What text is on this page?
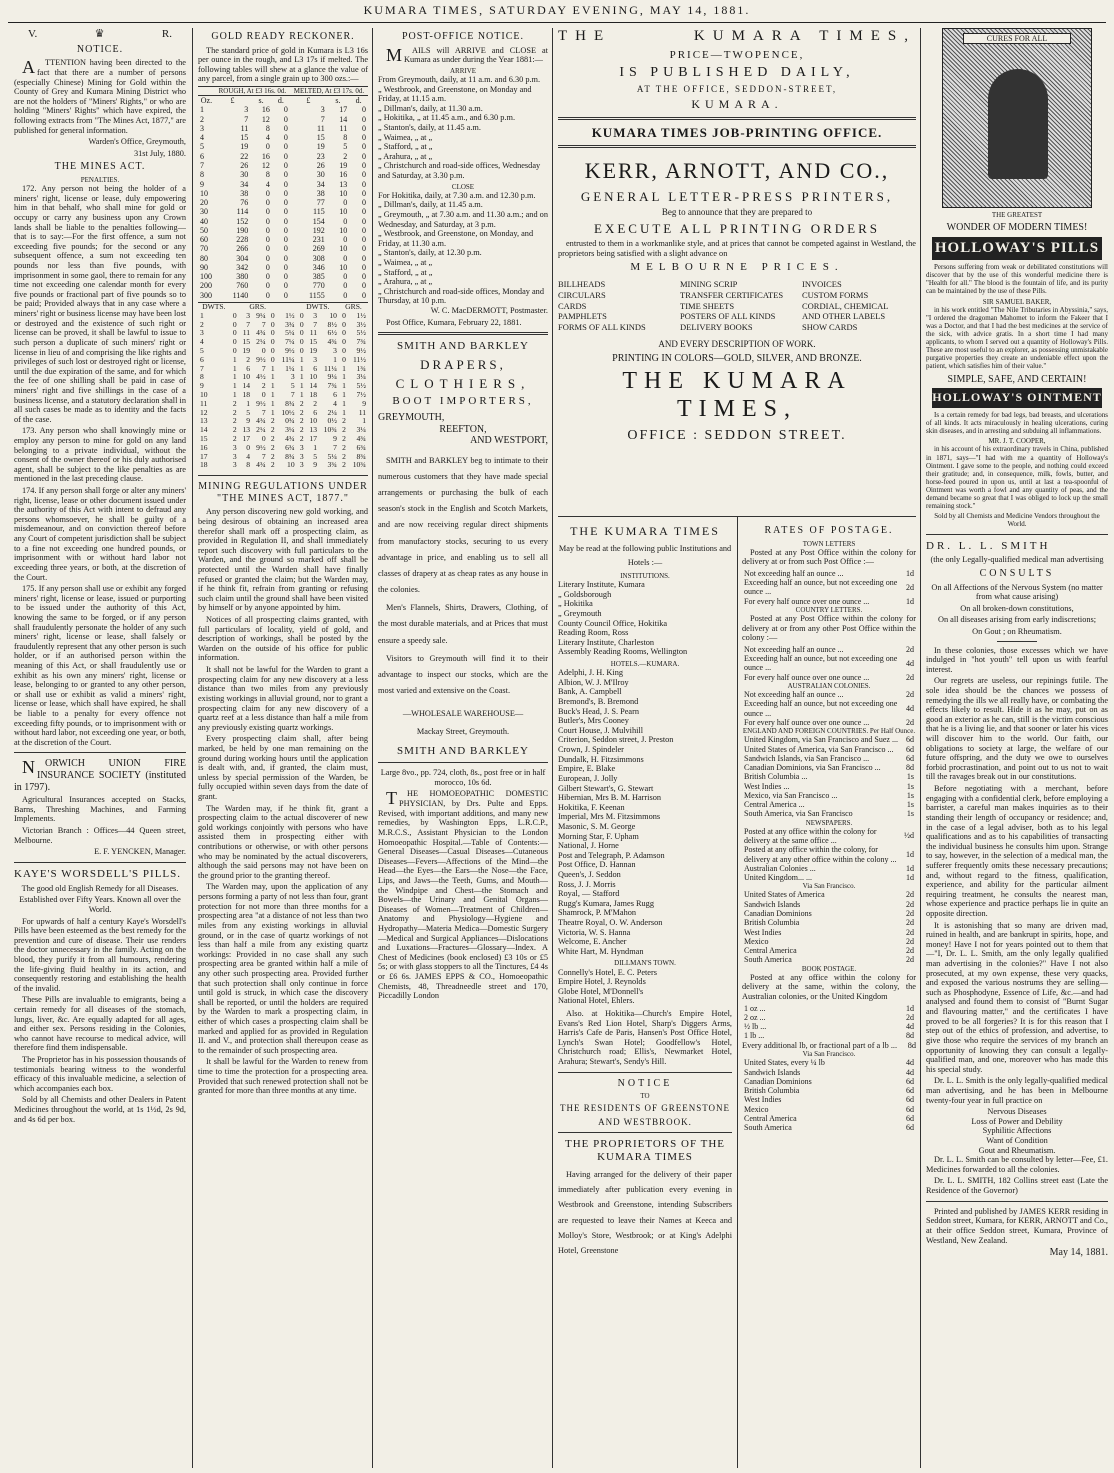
KUMARA TIMES, SATURDAY EVENING, MAY 14, 1881.
V.	♛	R.
NOTICE.

ATTENTION having been directed to the fact that there are a number of persons (especially Chinese) Mining for Gold within the County of Grey and Kumara Mining District who are not the holders of "Miners' Rights," or who are holding "Miners' Rights" which have expired, the following extracts from "The Mines Act, 1877," are published for general information.

Warden's Office, Greymouth,

31st July, 1880.

THE MINES ACT.
PENALTIES.

172. Any person not being the holder of a miners' right, license or lease, duly empowering him in that behalf, who shall mine for gold or occupy or carry any business upon any Crown lands shall be liable to the penalties following—that is to say:—For the first offence, a sum not exceeding five pounds; for the second or any subsequent offence, a sum not exceeding ten pounds nor less than five pounds, with imprisonment in some gaol, there to remain for any time not exceeding one calendar month for every five pounds or fractional part of five pounds so to be paid; Provided always that in any case where a miners' right or business license may have been lost or destroyed and the existence of such right or license can be proved, it shall be lawful to issue to such person a duplicate of such miners' right or license in lieu of and comprising the like rights and privileges of such lost or destroyed right or license, until the due expiration of the same, and for which the fee of one shilling shall be paid in case of miners' right and five shillings in the case of a business license, and a statutory declaration shall in all such cases be made as to identity and the facts of the case.

173. Any person who shall knowingly mine or employ any person to mine for gold on any land belonging to a private individual, without the consent of the owner thereof or his duly authorised agent, shall be subject to the like penalties as are mentioned in the last preceding clause.

174. If any person shall forge or alter any miners' right, license, lease or other document issued under the authority of this Act with intent to defraud any persons whomsoever, he shall be guilty of a misdemeanour, and on conviction thereof before any Court of competent jurisdiction shall be subject to a fine not exceeding one hundred pounds, or imprisonment with or without hard labor not exceeding three years, or both, at the discretion of the Court.

175. If any person shall use or exhibit any forged miners' right, license or lease, issued or purporting to be issued under the authority of this Act, knowing the same to be forged, or if any person shall fraudulently personate the holder of any such miners' right, license or lease, shall falsely or fraudulently represent that any other person is such holder, or if an authorised person within the meaning of this Act, or shall fraudulently use or exhibit as his own any miners' right, license or lease, belonging to or granted to any other person, or shall use or exhibit as valid a miners' right, license or lease, which shall have expired, he shall be liable to a penalty for every offence not exceeding fifty pounds, or to imprisonment with or without hard labor, not exceeding one year, or both, at the discretion of the Court.

NORWICH UNION FIRE INSURANCE SOCIETY (instituted in 1797).

Agricultural Insurances accepted on Stacks, Barns, Threshing Machines, and Farming Implements.

Victorian Branch : Offices—44 Queen street, Melbourne.

E. F. YENCKEN, Manager.

KAYE'S WORSDELL'S PILLS.

The good old English Remedy for all Diseases.

Established over Fifty Years. Known all over the World.

For upwards of half a century Kaye's Worsdell's Pills have been esteemed as the best remedy for the prevention and cure of disease. Their use renders the doctor unnecessary in the family. Acting on the blood, they purify it from all humours, rendering the life-giving fluid healthy in its action, and consequently restoring and establishing the health of the invalid.

These Pills are invaluable to emigrants, being a certain remedy for all diseases of the stomach, lungs, liver, &c. Are equally adapted for all ages, and either sex. Persons residing in the Colonies, who cannot have recourse to medical advice, will therefore find them indispensable.

The Proprietor has in his possession thousands of testimonials bearing witness to the wonderful efficacy of this invaluable medicine, a selection of which accompanies each box.

Sold by all Chemists and other Dealers in Patent Medicines throughout the world, at 1s 1½d, 2s 9d, and 4s 6d per box.

GOLD READY RECKONER.

The standard price of gold in Kumara is L3 16s per ounce in the rough, and L3 17s if melted. The following tables will shew at a glance the value of any parcel, from a single grain up to 300 ozs.:—

	ROUGH, At £3 16s. 0d.			MELTED, At £3 17s. 0d.		
Oz.	£	s.	d.	£	s.	d.
1	3	16	0	3	17	0
2	7	12	0	7	14	0
3	11	8	0	11	11	0
4	15	4	0	15	8	0
5	19	0	0	19	5	0
6	22	16	0	23	2	0
7	26	12	0	26	19	0
8	30	8	0	30	16	0
9	34	4	0	34	13	0
10	38	0	0	38	10	0
20	76	0	0	77	0	0
30	114	0	0	115	10	0
40	152	0	0	154	0	0
50	190	0	0	192	10	0
60	228	0	0	231	0	0
70	266	0	0	269	10	0
80	304	0	0	308	0	0
90	342	0	0	346	10	0
100	380	0	0	385	0	0
200	760	0	0	770	0	0
300	1140	0	0	1155	0	0
DWTS.		GRS.				DWTS.			GRS.	
1	0	3	9¼	0	1½	0	3	10	0	1½
2	0	7	7	0	3¾	0	7	8½	0	3½
3	0	11	4¾	0	5¼	0	11	6½	0	5½
4	0	15	2¼	0	7¼	0	15	4¾	0	7¾
5	0	19	0	0	9½	0	19	3	0	9½
6	1	2	9½	0	11¼	1	3	1	0	11½
7	1	6	7	1	1¼	1	6	11¼	1	1¾
8	1	10	4½	1	3	1	10	9¼	1	3¼
9	1	14	2	1	5	1	14	7¾	1	5½
10	1	18	0	1	7	1	18	6	1	7½
11	2	1	9½	1	8¾	2	2	4	1	9
12	2	5	7	1	10½	2	6	2¼	1	11
13	2	9	4¾	2	0¾	2	10	0½	2	1
14	2	13	2¼	2	3¼	2	13	10¾	2	3¼
15	2	17	0	2	4¾	2	17	9	2	4¾
16	3	0	9½	2	6¾	3	1	7	2	6¾
17	3	4	7	2	8¾	3	5	5¼	2	8¾
18	3	8	4¾	2	10	3	9	3¾	2	10¾
MINING REGULATIONS UNDER "THE MINES ACT, 1877."

Any person discovering new gold working, and being desirous of obtaining an increased area therefor shall mark off a prospecting claim, as provided in Regulation II, and shall immediately report such discovery with full particulars to the Warden, and the ground so marked off shall be protected until the Warden shall have finally refused or granted the claim; but the Warden may, if he think fit, refrain from granting or refusing such claim until the ground shall have been visited by himself or by anyone appointed by him.

Notices of all prospecting claims granted, with full particulars of locality, yield of gold, and description of workings, shall be posted by the Warden on the outside of his office for public information.

It shall not be lawful for the Warden to grant a prospecting claim for any new discovery at a less distance than two miles from any previously existing workings in alluvial ground, nor to grant a prospecting claim for any new discovery of a quartz reef at a less distance than half a mile from any previously existing quartz workings.

Every prospecting claim shall, after being marked, be held by one man remaining on the ground during working hours until the application is dealt with, and, if granted, the claim must, unless by special permission of the Warden, be fully occupied within seven days from the date of grant.

The Warden may, if he think fit, grant a prospecting claim to the actual discoverer of new gold workings conjointly with persons who have assisted them in prospecting either with contributions or otherwise, or with other persons who may be nominated by the actual discoverers, although the said persons may not have been on the ground prior to the granting thereof.

The Warden may, upon the application of any persons forming a party of not less than four, grant protection for not more than three months for a prospecting area "at a distance of not less than two miles from any existing workings in alluvial ground, or in the case of quartz workings of not less than half a mile from any existing quartz workings: Provided in no case shall any such prospecting area be granted within half a mile of any other such prospecting area. Provided further that such protection shall only continue in force until gold is struck, in which case the discovery shall be reported, or until the holders are required by the Warden to mark a prospecting claim, in either of which cases a prospecting claim shall be marked and applied for as provided in Regulation II. and V., and protection shall thereupon cease as to the remainder of such prospecting area.

It shall be lawful for the Warden to renew from time to time the protection for a prospecting area. Provided that such renewed protection shall not be granted for more than three months at any time.

POST-OFFICE NOTICE.

MAILS will ARRIVE and CLOSE at Kumara as under during the Year 1881:—

ARRIVE
From Greymouth, daily, at 11 a.m. and 6.30 p.m.
„ Westbrook, and Greenstone, on Monday and Friday, at 11.15 a.m.
„ Dillman's, daily, at 11.30 a.m.
„ Hokitika, „ at 11.45 a.m., and 6.30 p.m.
„ Stanton's, daily, at 11.45 a.m.
„ Waimea, „ at „
„ Stafford, „ at „
„ Arahura, „ at „
„ Christchurch and road-side offices, Wednesday and Saturday, at 3.30 p.m.
CLOSE
For Hokitika, daily, at 7.30 a.m. and 12.30 p.m.
„ Dillman's, daily, at 11.45 a.m.
„ Greymouth, „ at 7.30 a.m. and 11.30 a.m.; and on Wednesday, and Saturday, at 3 p.m.
„ Westbrook, and Greenstone, on Monday, and Friday, at 11.30 a.m.
„ Stanton's, daily, at 12.30 p.m.
„ Waimea, „ at „
„ Stafford, „ at „
„ Arahura, „ at „
„ Christchurch and road-side offices, Monday and Thursday, at 10 p.m.

W. C. MacDERMOTT, Postmaster.

Post Office, Kumara, February 22, 1881.

SMITH AND BARKLEY
DRAPERS,
CLOTHIERS,
BOOT IMPORTERS,
GREYMOUTH,
REEFTON,
AND WESTPORT,

SMITH and BARKLEY beg to intimate to their numerous customers that they have made special arrangements or purchasing the bulk of each season's stock in the English and Scotch Markets, and are now receiving regular direct shipments from manufactory stocks, securing to us every advantage in price, and enabling us to sell all classes of drapery at as cheap rates as any house in the colonies.

Men's Flannels, Shirts, Drawers, Clothing, of the most durable materials, and at Prices that must ensure a speedy sale.

Visitors to Greymouth will find it to their advantage to inspect our stocks, which are the most varied and extensive on the Coast.

—WHOLESALE WAREHOUSE—

Mackay Street, Greymouth.

SMITH AND BARKLEY

Large 8vo., pp. 724, cloth, 8s., post free or in half morocco, 10s 6d.

THE HOMOEOPATHIC DOMESTIC PHYSICIAN, by Drs. Pulte and Epps. Revised, with important additions, and many new remedies, by Washington Epps, L.R.C.P., M.R.C.S., Assistant Physician to the London Homoeopathic Hospital.—Table of Contents:—General Diseases—Casual Diseases—Cutaneous Diseases—Fevers—Affections of the Mind—the Head—the Eyes—the Ears—the Nose—the Face, Lips, and Jaws—the Teeth, Gums, and Mouth—the Windpipe and Chest—the Stomach and Bowels—the Urinary and Genital Organs—Diseases of Women—Treatment of Children—Anatomy and Physiology—Hygiene and Hydropathy—Materia Medica—Domestic Surgery—Medical and Surgical Appliances—Dislocations and Luxations—Fractures—Glossary—Index. A Chest of Medicines (book enclosed) £3 10s or £5 5s; or with glass stoppers to all the Tinctures, £4 4s or £6 6s. JAMES EPPS & CO., Homoeopathic Chemists, 48, Threadneedle street and 170, Piccadilly London

THE	KUMARA TIMES,
PRICE—TWOPENCE,
IS PUBLISHED DAILY,
AT THE OFFICE, SEDDON-STREET,
KUMARA.
KUMARA TIMES JOB-PRINTING OFFICE.
KERR, ARNOTT, AND CO.,
GENERAL LETTER-PRESS PRINTERS,
Beg to announce that they are prepared to
EXECUTE ALL PRINTING ORDERS

entrusted to them in a workmanlike style, and at prices that cannot be competed against in Westland, the proprietors being satisfied with a slight advance on

MELBOURNE PRICES.
BILLHEADS	MINING SCRIP	INVOICES
CIRCULARS	TRANSFER CERTIFICATES	CUSTOM FORMS
CARDS	TIME SHEETS	CORDIAL, CHEMICAL
PAMPHLETS	POSTERS OF ALL KINDS	AND OTHER LABELS
FORMS OF ALL KINDS	DELIVERY BOOKS	SHOW CARDS
AND EVERY DESCRIPTION OF WORK.
PRINTING IN COLORS—GOLD, SILVER, AND BRONZE.
THE KUMARA TIMES,
OFFICE : SEDDON STREET.
THE KUMARA TIMES

May be read at the following public Institutions and Hotels :—

INSTITUTIONS.
Literary Institute, Kumara
„ Goldsborough
„ Hokitika
„ Greymouth
County Council Office, Hokitika
Reading Room, Ross
Literary Institute, Charleston
Assembly Reading Rooms, Wellington
HOTELS.—KUMARA.
Adelphi, J. H. King
Albion, W. J. M'Ilroy
Bank, A. Campbell
Bremond's, B. Bremond
Buck's Head, J. S. Pearn
Butler's, Mrs Cooney
Court House, J. Mulvihill
Criterion, Seddon street, J. Preston
Crown, J. Spindeler
Dundalk, H. Fitzsimmons
Empire, E. Blake
European, J. Jolly
Gilbert Stewart's, G. Stewart
Hibernian, Mrs B. M. Harrison
Hokitika, F. Keenan
Imperial, Mrs M. Fitzsimmons
Masonic, S. M. George
Morning Star, F. Upham
National, J. Horne
Post and Telegraph, P. Adamson
Post Office, D. Hannan
Queen's, J. Seddon
Ross, J. J. Morris
Royal, — Stafford
Rugg's Kumara, James Rugg
Shamrock, P. M'Mahon
Theatre Royal, O. W. Anderson
Victoria, W. S. Hanna
Welcome, E. Ancher
White Hart, M. Hyndman
DILLMAN'S TOWN.
Connelly's Hotel, E. C. Peters
Empire Hotel, J. Reynolds
Globe Hotel, M'Donnell's
National Hotel, Ehlers.

Also. at Hokitika—Church's Empire Hotel, Evans's Red Lion Hotel, Sharp's Diggers Arms, Harris's Cafe de Paris, Hansen's Post Office Hotel, Lynch's Swan Hotel; Goodfellow's Hotel, Christchurch road; Ellis's, Newmarket Hotel, Arahura; Stewart's, Sendy's Hill.

NOTICE
TO
THE RESIDENTS OF GREENSTONE
AND WESTBROOK.
THE PROPRIETORS OF THE KUMARA TIMES

Having arranged for the delivery of their paper immediately after publication every evening in Westbrook and Greenstone, intending Subscribers are requested to leave their Names at Keeca and Molloy's Store, Westbrook; or at King's Adelphi Hotel, Greenstone

RATES OF POSTAGE.
TOWN LETTERS

Posted at any Post Office within the colony for delivery at or from such Post Office :—

Not exceeding half an ounce ...	1d
Exceeding half an ounce, but not exceeding one ounce ...	2d
For every half ounce over one ounce ...	1d
COUNTRY LETTERS.

Posted at any Post Office within the colony for delivery at or from any other Post Office within the colony :—

Not exceeding half an ounce ...	2d
Exceeding half an ounce, but not exceeding one ounce ...	4d
For every half ounce over one ounce ...	2d
AUSTRALIAN COLONIES.
Not exceeding half an ounce ...	2d
Exceeding half an ounce, but not exceeding one ounce ...	4d
For every half ounce over one ounce ...	2d
ENGLAND AND FOREIGN COUNTRIES. Per Half Ounce.
United Kingdom, via San Francisco and Suez ...	6d
United States of America, via San Francisco ...	6d
Sandwich Islands, via San Francisco ...	6d
Canadian Dominions, via San Francisco ...	8d
British Columbia ...	1s
West Indies ...	1s
Mexico, via San Francisco ...	1s
Central America ...	1s
South America, via San Francisco	1s
NEWSPAPERS.
Posted at any office within the colony for delivery at the same office ...	½d
Posted at any office within the colony, for delivery at any other office within the colony ...	1d
Australian Colonies ...	1d
United Kingdom... ...	1d
Via San Francisco.
United States of America	2d
Sandwich Islands	2d
Canadian Dominions	2d
British Columbia	2d
West Indies	2d
Mexico	2d
Central America	2d
South America	2d
BOOK POSTAGE.

Posted at any office within the colony for delivery at the same, within the colony, the Australian colonies, or the United Kingdom

1 oz ...	1d
2 oz ...	2d
½ lb ...	4d
1 lb ...	8d
Every additional lb, or fractional part of a lb ... 8d
Via San Francisco.
United States, every ¼ lb	4d
Sandwich Islands	4d
Canadian Dominions	6d
British Columbia	6d
West Indies	6d
Mexico	6d
Central America	6d
South America	6d
CURES FOR ALL
THE GREATEST
WONDER OF MODERN TIMES!
HOLLOWAY'S PILLS

Persons suffering from weak or debilitated constitutions will discover that by the use of this wonderful medicine there is "Health for all." The blood is the fountain of life, and its purity can be maintained by the use of these Pills.

SIR SAMUEL BAKER,

in his work entitled "The Nile Tributaries in Abyssinia," says, "I ordered the dragoman Mahomet to inform the Fakeer that I was a Doctor, and that I had the best medicines at the service of the sick, with advice gratis. In a short time I had many applicants, to whom I served out a quantity of Holloway's Pills. These are most useful to an explorer, as possessing unmistakable purgative properties they create an undeniable effect upon the patient, which satisfies him of their value."

SIMPLE, SAFE, AND CERTAIN!
HOLLOWAY'S OINTMENT

Is a certain remedy for bad legs, bad breasts, and ulcerations of all kinds. It acts miraculously in healing ulcerations, curing skin diseases, and in arresting and subduing all inflammations.

MR. J. T. COOPER,

in his account of his extraordinary travels in China, published in 1871, says—"I had with me a quantity of Holloway's Ointment. I gave some to the people, and nothing could exceed their gratitude; and, in consequence, milk, fowls, butter, and horse-feed poured in upon us, until at last a tea-spoonful of Ointment was worth a fowl and any quantity of peas, and the demand became so great that I was obliged to lock up the small remaining stock."

Sold by all Chemists and Medicine Vendors throughout the World.

DR. L. L. SMITH

(the only Legally-qualified medical man advertising

CONSULTS

On all Affections of the Nervous System (no matter from what cause arising)

On all broken-down constitutions,

On all diseases arising from early indiscretions;

On Gout ; on Rheumatism.

In these colonies, those excesses which we have indulged in "hot youth" tell upon us with fearful interest.

Our regrets are useless, our repinings futile. The sole idea should be the chances we possess of remedying the ills we all really have, or combating the effects likely to result. Hide it as he may, put on as good an exterior as he can, still is the victim conscious that he is a living lie, and that sooner or later his vices will discover him to the world. Our faith, our obligations to society at large, the welfare of our future offspring, and the duty we owe to ourselves forbid procrastination, and point out to us not to wait till the ravages break out in our constitutions.

Before negotiating with a merchant, before engaging with a confidential clerk, before employing a barrister, a careful man makes inquiries as to their standing their length of occupancy or residence; and, in the case of a legal adviser, both as to his legal qualifications and as to his capabilities of transacting the individual business he consults him upon. Strange to say, however, in the selection of a medical man, the sufferer frequently omits these necessary precautions; and, without regard to the fitness, qualification, experience, and ability for the particular ailment requiring treatment, he consults the nearest man, whose experience and practice perhaps lie in quite an opposite direction.

It is astonishing that so many are driven mad, ruined in health, and are bankrupt in spirits, hope, and money! Have I not for years pointed out to them that—"I, Dr. L. L. Smith, am the only legally qualified man advertising in the colonies?" Have I not also prosecuted, at my own expense, these very quacks, and exposed the various nostrums they are selling—such as Phosphodyne, Essence of Life, &c.—and had analysed and found them to consist of "Burnt Sugar and flavouring matter," and the certificates I have proved to be all forgeries? It is for this reason that I step out of the ethics of profession, and advertise, to give those who require the services of my branch an opportunity of knowing they can consult a legally-qualified man, and one, moreover who has made this his special study.

Dr. L. L. Smith is the only legally-qualified medical man advertising, and he has been in Melbourne twenty-four year in full practice on

Nervous Diseases
Loss of Power and Debility
Syphilitic Affections
Want of Condition
Gout and Rheumatism.

Dr. L. L. Smith can be consulted by letter—Fee, £1. Medicines forwarded to all the colonies.

Dr. L. L. SMITH, 182 Collins street east (Late the Residence of the Governor)

Printed and published by JAMES KERR residing in Seddon street, Kumara, for KERR, ARNOTT and Co., at their office Seddon street, Kumara, Province of Westland, New Zealand.

May 14, 1881.
